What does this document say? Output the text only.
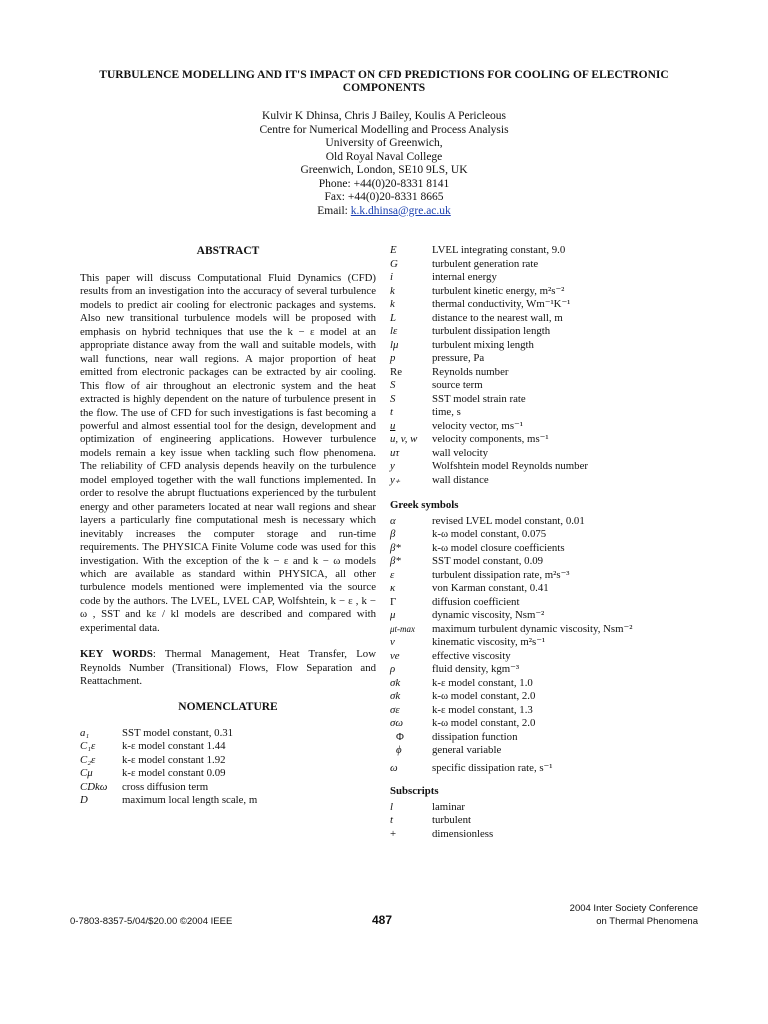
TURBULENCE MODELLING AND IT'S IMPACT ON CFD PREDICTIONS FOR COOLING OF ELECTRONIC COMPONENTS
Kulvir K Dhinsa, Chris J Bailey, Koulis A Pericleous
Centre for Numerical Modelling and Process Analysis
University of Greenwich,
Old Royal Naval College
Greenwich, London, SE10 9LS, UK
Phone: +44(0)20-8331 8141
Fax: +44(0)20-8331 8665
Email: k.k.dhinsa@gre.ac.uk
ABSTRACT

This paper will discuss Computational Fluid Dynamics (CFD) results from an investigation into the accuracy of several turbulence models to predict air cooling for electronic packages and systems. Also new transitional turbulence models will be proposed with emphasis on hybrid techniques that use the k − ε model at an appropriate distance away from the wall and suitable models, with wall functions, near wall regions. A major proportion of heat emitted from electronic packages can be extracted by air cooling. This flow of air throughout an electronic system and the heat extracted is highly dependent on the nature of turbulence present in the flow. The use of CFD for such investigations is fast becoming a powerful and almost essential tool for the design, development and optimization of engineering applications. However turbulence models remain a key issue when tackling such flow phenomena. The reliability of CFD analysis depends heavily on the turbulence model employed together with the wall functions implemented. In order to resolve the abrupt fluctuations experienced by the turbulent energy and other parameters located at near wall regions and shear layers a particularly fine computational mesh is necessary which inevitably increases the computer storage and run-time requirements. The PHYSICA Finite Volume code was used for this investigation. With the exception of the k − ε and k − ω models which are available as standard within PHYSICA, all other turbulence models mentioned were implemented via the source code by the authors. The LVEL, LVEL CAP, Wolfshtein, k − ε , k − ω , SST and kε / kl models are described and compared with experimental data.

KEY WORDS: Thermal Management, Heat Transfer, Low Reynolds Number (Transitional) Flows, Flow Separation and Reattachment.

NOMENCLATURE
a₁	SST model constant, 0.31
C₁ε	k-ε model constant 1.44
C₂ε	k-ε model constant 1.92
Cμ	k-ε model constant 0.09
CDkω	cross diffusion term
D	maximum local length scale, m
E	LVEL integrating constant, 9.0
G	turbulent generation rate
i	internal energy
k	turbulent kinetic energy, m²s⁻²
k	thermal conductivity, Wm⁻¹K⁻¹
L	distance to the nearest wall, m
lε	turbulent dissipation length
lμ	turbulent mixing length
p	pressure, Pa
Re	Reynolds number
S	source term
S	SST model strain rate
t	time, s
u	velocity vector, ms⁻¹
u, v, w	velocity components, ms⁻¹
uτ	wall velocity
y	Wolfshtein model Reynolds number
y₊	wall distance
Greek symbols
α	revised LVEL model constant, 0.01
β	k-ω model constant, 0.075
β*	k-ω model closure coefficients
β*	SST model constant, 0.09
ε	turbulent dissipation rate, m²s⁻³
κ	von Karman constant, 0.41
Γ	diffusion coefficient
μ	dynamic viscosity, Nsm⁻²
μt-max	maximum turbulent dynamic viscosity, Nsm⁻²
ν	kinematic viscosity, m²s⁻¹
νe	effective viscosity
ρ	fluid density, kgm⁻³
σk	k-ε model constant, 1.0
σk	k-ω model constant, 2.0
σε	k-ε model constant, 1.3
σω	k-ω model constant, 2.0
Φ	dissipation function
ϕ	general variable
ω	specific dissipation rate, s⁻¹
Subscripts
l	laminar
t	turbulent
+	dimensionless
0-7803-8357-5/04/$20.00 ©2004 IEEE	487
2004 Inter Society Conference
on Thermal Phenomena
